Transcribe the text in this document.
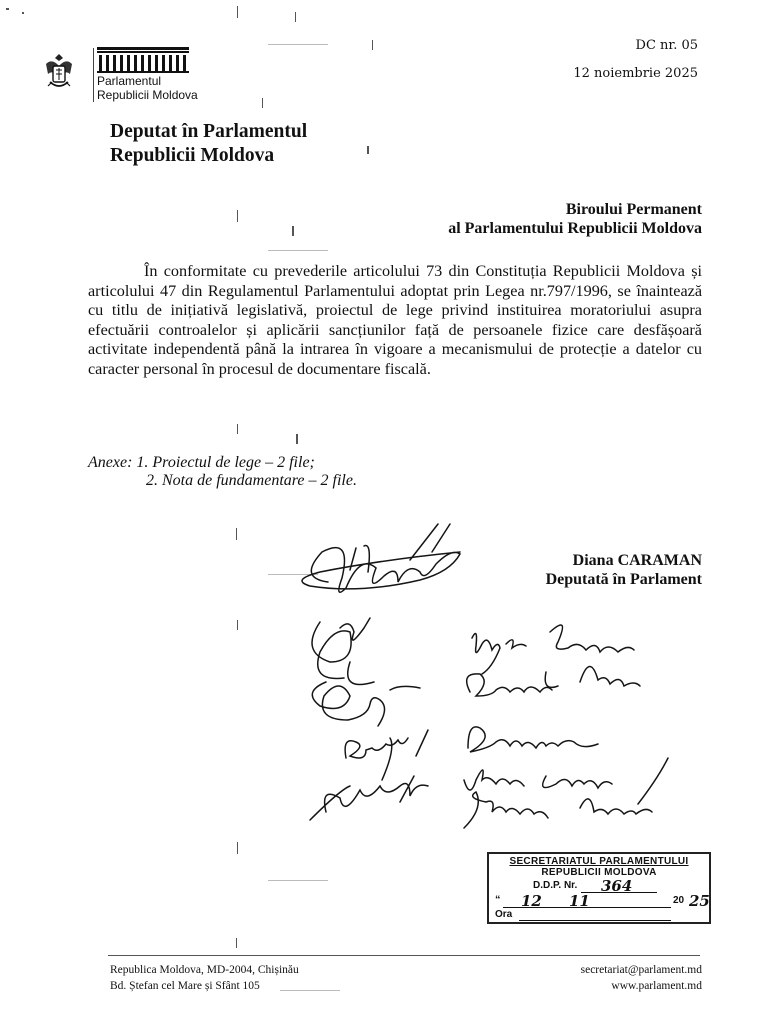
Parlamentul
Republicii Moldova
DC nr. 05
12 noiembrie 2025
Deputat în Parlamentul
Republicii Moldova
Biroului Permanent
al Parlamentului Republicii Moldova

În conformitate cu prevederile articolului 73 din Constituția Republicii Moldova și articolului 47 din Regulamentul Parlamentului adoptat prin Legea nr.797/1996, se înaintează cu titlu de inițiativă legislativă, proiectul de lege privind instituirea moratoriului asupra efectuării controalelor și aplicării sancțiunilor față de persoanele fizice care desfășoară activitate independentă până la intrarea în vigoare a mecanismului de protecție a datelor cu caracter personal în procesul de documentare fiscală.

Anexe: 1. Proiectul de lege – 2 file;
2. Nota de fundamentare – 2 file.
Diana CARAMAN
Deputată în Parlament
SECRETARIATUL PARLAMENTULUI
REPUBLICII MOLDOVA
D.D.P. Nr.
“	20
Ora
364
12 11	25
Republica Moldova, MD-2004, Chișinău
Bd. Ștefan cel Mare și Sfânt 105
secretariat@parlament.md
www.parlament.md
